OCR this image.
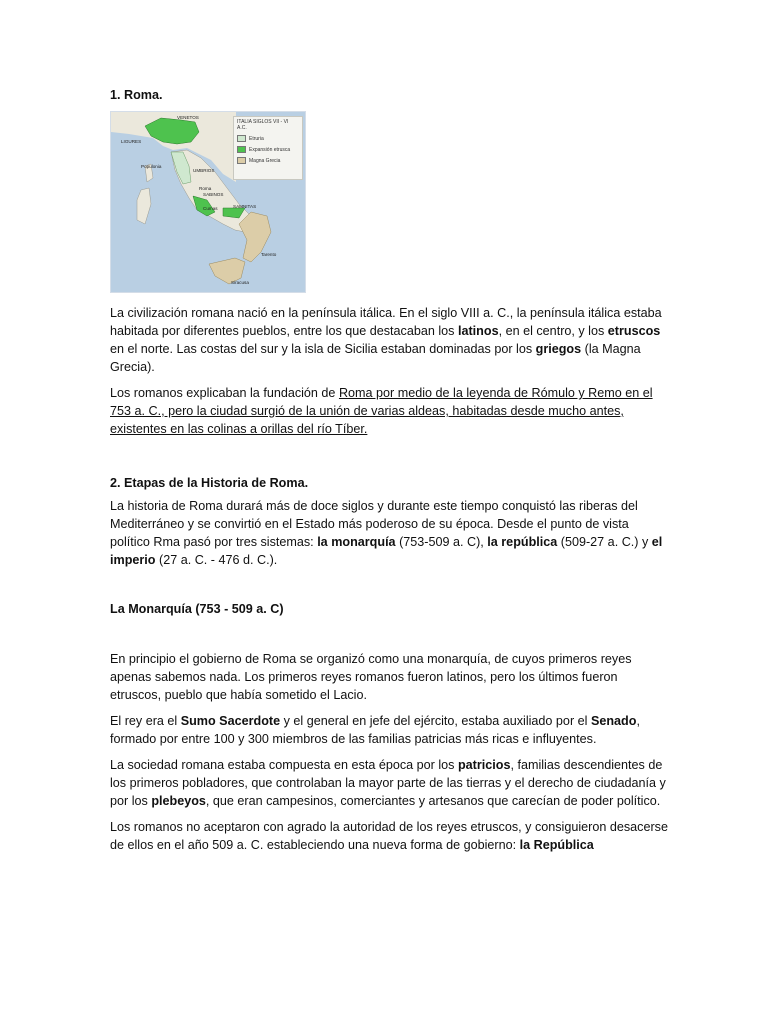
1. Roma.

ITALIA SIGLOS VII - VI A.C.
Etruria
Expansión etrusca
Magna Grecia
VENETOS
LIGURES
Populonia
UMBRIOS
Roma
SABINOS
Cumas	SAMNITAS
Tarento
Siracusa

La civilización romana nació en la península itálica. En el siglo VIII a. C., la península itálica estaba habitada por diferentes pueblos, entre los que destacaban los latinos, en el centro, y los etruscos en el norte. Las costas del sur y la isla de Sicilia estaban dominadas por los griegos (la Magna Grecia).

Los romanos explicaban la fundación de Roma por medio de la leyenda de Rómulo y Remo en el 753 a. C., pero la ciudad surgió de la unión de varias aldeas, habitadas desde mucho antes, existentes en las colinas a orillas del río Tíber.

2. Etapas de la Historia de Roma.

La historia de Roma durará más de doce siglos y durante este tiempo conquistó las riberas del Mediterráneo y se convirtió en el Estado más poderoso de su época. Desde el punto de vista político Rma pasó por tres sistemas: la monarquía (753-509 a. C), la república (509-27 a. C.) y el imperio (27 a. C. - 476 d. C.).

La Monarquía (753 - 509 a. C)

En principio el gobierno de Roma se organizó como una monarquía, de cuyos primeros reyes apenas sabemos nada. Los primeros reyes romanos fueron latinos, pero los últimos fueron etruscos, pueblo que había sometido el Lacio.

El rey era el Sumo Sacerdote y el general en jefe del ejército, estaba auxiliado por el Senado, formado por entre 100 y 300 miembros de las familias patricias más ricas e influyentes.

La sociedad romana estaba compuesta en esta época por los patricios, familias descendientes de los primeros pobladores, que controlaban la mayor parte de las tierras y el derecho de ciudadanía y por los plebeyos, que eran campesinos, comerciantes y artesanos que carecían de poder político.

Los romanos no aceptaron con agrado la autoridad de los reyes etruscos, y consiguieron desacerse de ellos en el año 509 a. C. estableciendo una nueva forma de gobierno: la República
